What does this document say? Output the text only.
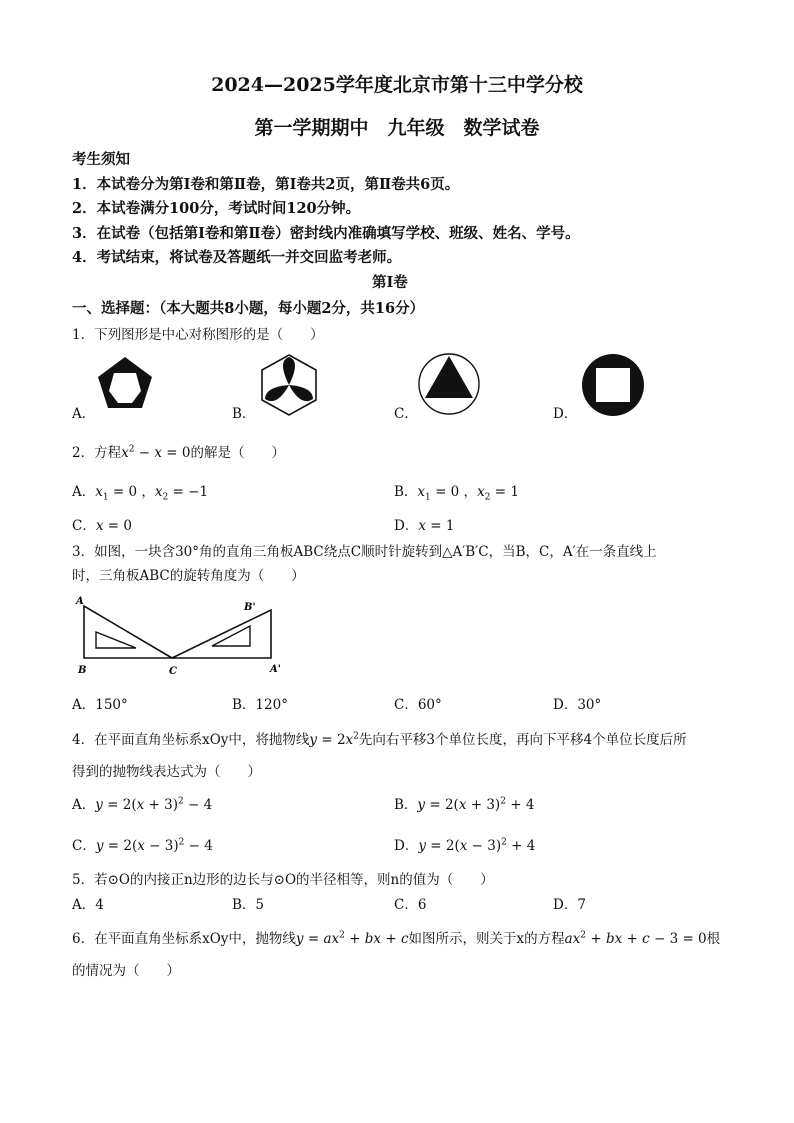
2024—2025学年度北京市第十三中学分校
第一学期期中　九年级　数学试卷
考生须知
1．本试卷分为第Ⅰ卷和第Ⅱ卷，第Ⅰ卷共2页，第Ⅱ卷共6页。
2．本试卷满分100分，考试时间120分钟。
3．在试卷（包括第Ⅰ卷和第Ⅱ卷）密封线内准确填写学校、班级、姓名、学号。
4．考试结束，将试卷及答题纸一并交回监考老师。
第Ⅰ卷
一、选择题：（本大题共8小题，每小题2分，共16分）
1．下列图形是中心对称图形的是（　　）
A．	B．	C．	D．
2．方程$x^2 - x = 0$的解是（　　）
A．$x_1 = 0$ ，$x_2 = -1$	B．$x_1 = 0$ ，$x_2 = 1$
C．x = 0	D．x = 1
3．如图，一块含30°角的直角三角板ABC绕点C顺时针旋转到△A′B′C，当B，C，A′在一条直线上
时，三角板ABC的旋转角度为（　　）
A
B	C
B'
A'
A．150°	B．120°	C．60°	D．30°
4．在平面直角坐标系xOy中，将抛物线$y = 2x^2$先向右平移3个单位长度，再向下平移4个单位长度后所
得到的抛物线表达式为（　　）
A．$y = 2(x + 3)^2 - 4$	B．$y = 2(x + 3)^2 + 4$
C．$y = 2(x - 3)^2 - 4$	D．$y = 2(x - 3)^2 + 4$
5．若⊙O的内接正n边形的边长与⊙O的半径相等，则n的值为（　　）
A．4	B．5	C．6	D．7
6．在平面直角坐标系xOy中，抛物线$y = ax^2$ + bx + c如图所示，则关于x的方程$ax^2$ + bx + c − 3 = 0根
的情况为（　　）
